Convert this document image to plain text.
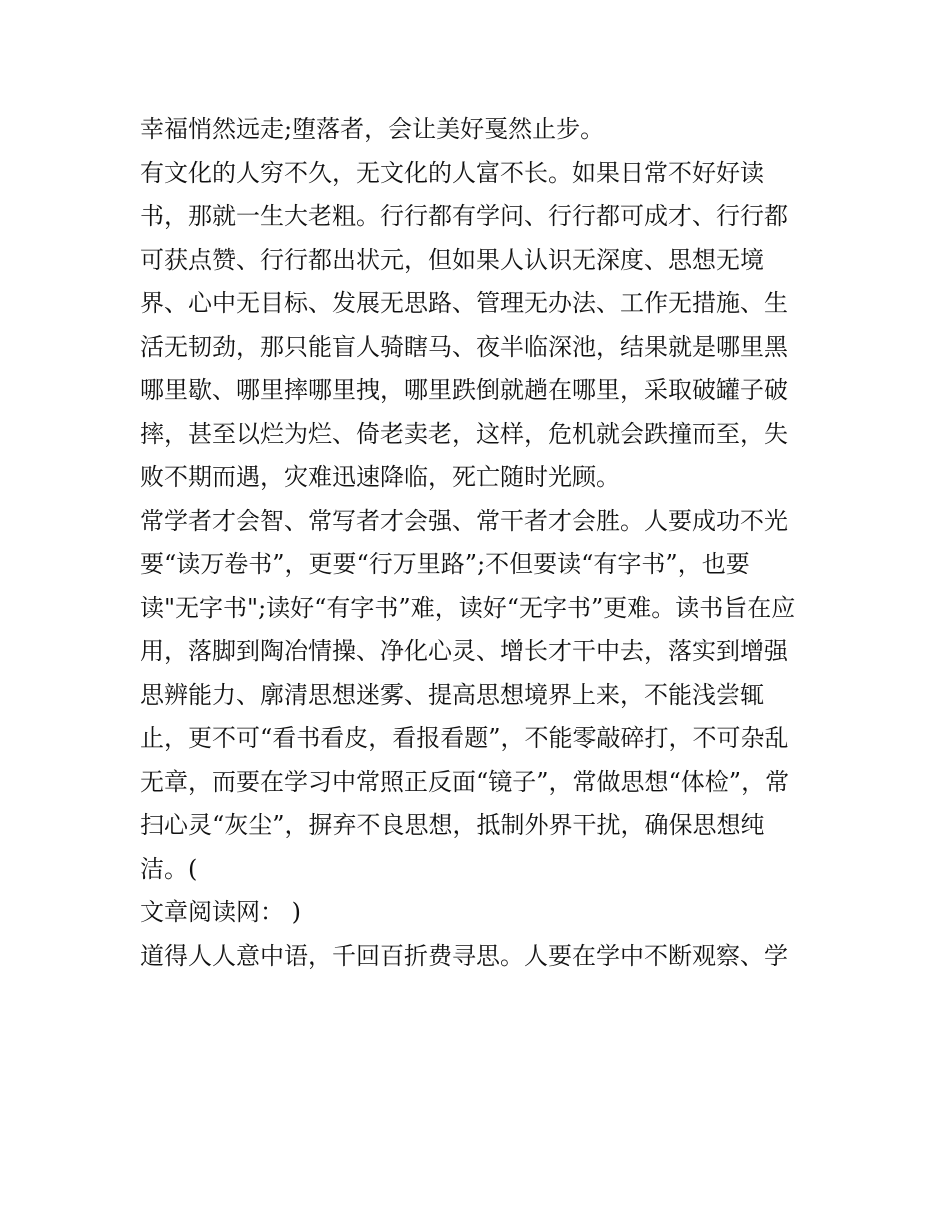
幸福悄然远走;堕落者，会让美好戛然止步。
有文化的人穷不久，无文化的人富不长。如果日常不好好读
书，那就一生大老粗。行行都有学问、行行都可成才、行行都
可获点赞、行行都出状元，但如果人认识无深度、思想无境
界、心中无目标、发展无思路、管理无办法、工作无措施、生
活无韧劲，那只能盲人骑瞎马、夜半临深池，结果就是哪里黑
哪里歇、哪里摔哪里拽，哪里跌倒就趟在哪里，采取破罐子破
摔，甚至以烂为烂、倚老卖老，这样，危机就会跌撞而至，失
败不期而遇，灾难迅速降临，死亡随时光顾。
常学者才会智、常写者才会强、常干者才会胜。人要成功不光
要“读万卷书”，更要“行万里路”;不但要读“有字书”，也要
读"无字书";读好“有字书”难，读好“无字书”更难。读书旨在应
用，落脚到陶冶情操、净化心灵、增长才干中去，落实到增强
思辨能力、廓清思想迷雾、提高思想境界上来，不能浅尝辄
止，更不可“看书看皮，看报看题”，不能零敲碎打，不可杂乱
无章，而要在学习中常照正反面“镜子”，常做思想“体检”，常
扫心灵“灰尘”，摒弃不良思想，抵制外界干扰，确保思想纯
洁。(
文章阅读网： )
道得人人意中语，千回百折费寻思。人要在学中不断观察、学
